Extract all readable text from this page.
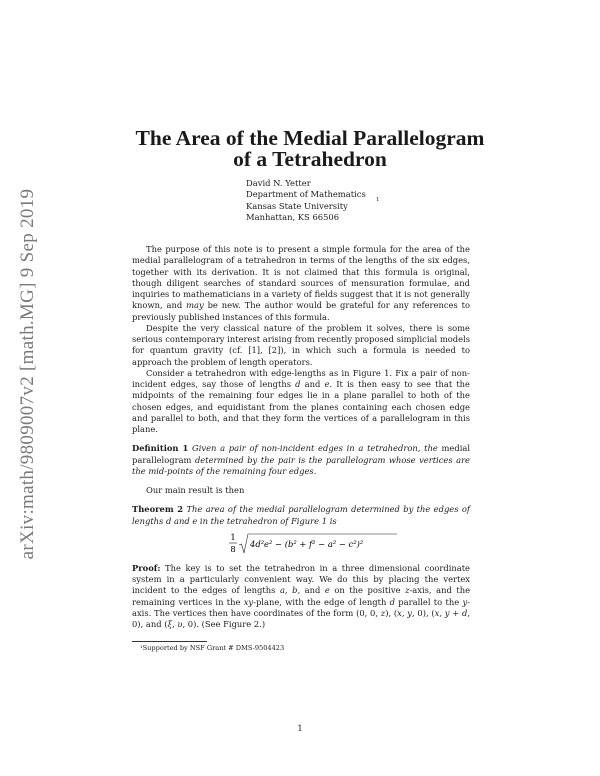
arXiv:math/9809007v2 [math.MG] 9 Sep 2019
The Area of the Medial Parallelogram
of a Tetrahedron
David N. Yetter
Department of Mathematics
Kansas State University
Manhattan, KS 66506
1

The purpose of this note is to present a simple formula for the area of the medial parallelogram of a tetrahedron in terms of the lengths of the six edges, together with its derivation. It is not claimed that this formula is original, though diligent searches of standard sources of mensuration formulae, and inquiries to mathematicians in a variety of fields suggest that it is not generally known, and may be new. The author would be grateful for any references to previously published instances of this formula.

Despite the very classical nature of the problem it solves, there is some serious contemporary interest arising from recently proposed simplicial models for quantum gravity (cf. [1], [2]), in which such a formula is needed to approach the problem of length operators.

Consider a tetrahedron with edge-lengths as in Figure 1. Fix a pair of non-incident edges, say those of lengths d and e. It is then easy to see that the midpoints of the remaining four edges lie in a plane parallel to both of the chosen edges, and equidistant from the planes containing each chosen edge and parallel to both, and that they form the vertices of a parallelogram in this plane.

Definition 1 Given a pair of non-incident edges in a tetrahedron, the medial parallelogram determined by the pair is the parallelogram whose vertices are the mid-points of the remaining four edges.

Our main result is then

Theorem 2 The area of the medial parallelogram determined by the edges of lengths d and e in the tetrahedron of Figure 1 is

1
8 4d²e² − (b² + f² − a² − c²)²

Proof: The key is to set the tetrahedron in a three dimensional coordinate system in a particularly convenient way. We do this by placing the vertex incident to the edges of lengths a, b, and e on the positive z-axis, and the remaining vertices in the xy-plane, with the edge of length d parallel to the y-axis. The vertices then have coordinates of the form (0, 0, z), (x, y, 0), (x, y + d, 0), and (ξ, υ, 0). (See Figure 2.)

¹Supported by NSF Grant # DMS-9504423
1
